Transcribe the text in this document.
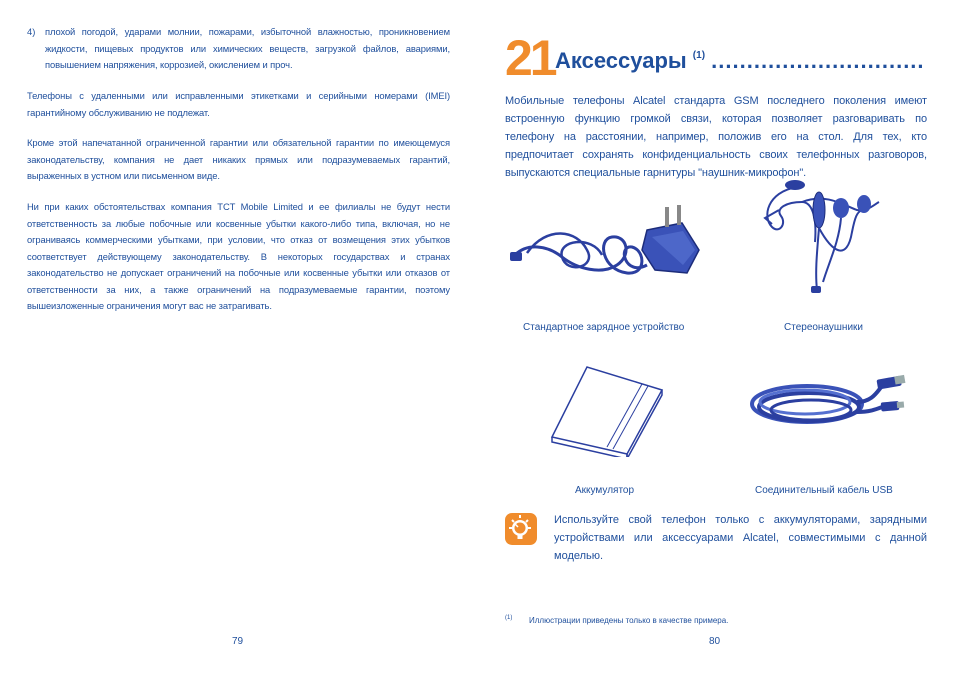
4) плохой погодой, ударами молнии, пожарами, избыточной влажностью, проникновением жидкости, пищевых продуктов или химических веществ, загрузкой файлов, авариями, повышением напряжения, коррозией, окислением и проч.
Телефоны с удаленными или исправленными этикетками и серийными номерами (IMEI) гарантийному обслуживанию не подлежат.
Кроме этой напечатанной ограниченной гарантии или обязательной гарантии по имеющемуся законодательству, компания не дает никаких прямых или подразумеваемых гарантий, выраженных в устном или письменном виде.
Ни при каких обстоятельствах компания TCT Mobile Limited и ее филиалы не будут нести ответственность за любые побочные или косвенные убытки какого-либо типа, включая, но не ограниваясь коммерческими убытками, при условии, что отказ от возмещения этих убытков соответствует действующему законодательству. В некоторых государствах и странах законодательство не допускает ограничений на побочные или косвенные убытки или отказов от ответственности за них, а также ограничений на подразумеваемые гарантии, поэтому вышеизложенные ограничения могут вас не затрагивать.
79
21 Аксессуары $^{(1)}$ ..............................
Мобильные телефоны Alcatel стандарта GSM последнего поколения имеют встроенную функцию громкой связи, которая позволяет разговаривать по телефону на расстоянии, например, положив его на стол. Для тех, кто предпочитает сохранять конфиденциальность своих телефонных разговоров, выпускаются специальные гарнитуры "наушник-микрофон".
Стандартное зарядное устройство	Стереонаушники
Аккумулятор	Соединительный кабель USB
Используйте свой телефон только с аккумуляторами, зарядными устройствами или аксессуарами Alcatel, совместимыми с данной моделью.
(1) Иллюстрации приведены только в качестве примера.
80
